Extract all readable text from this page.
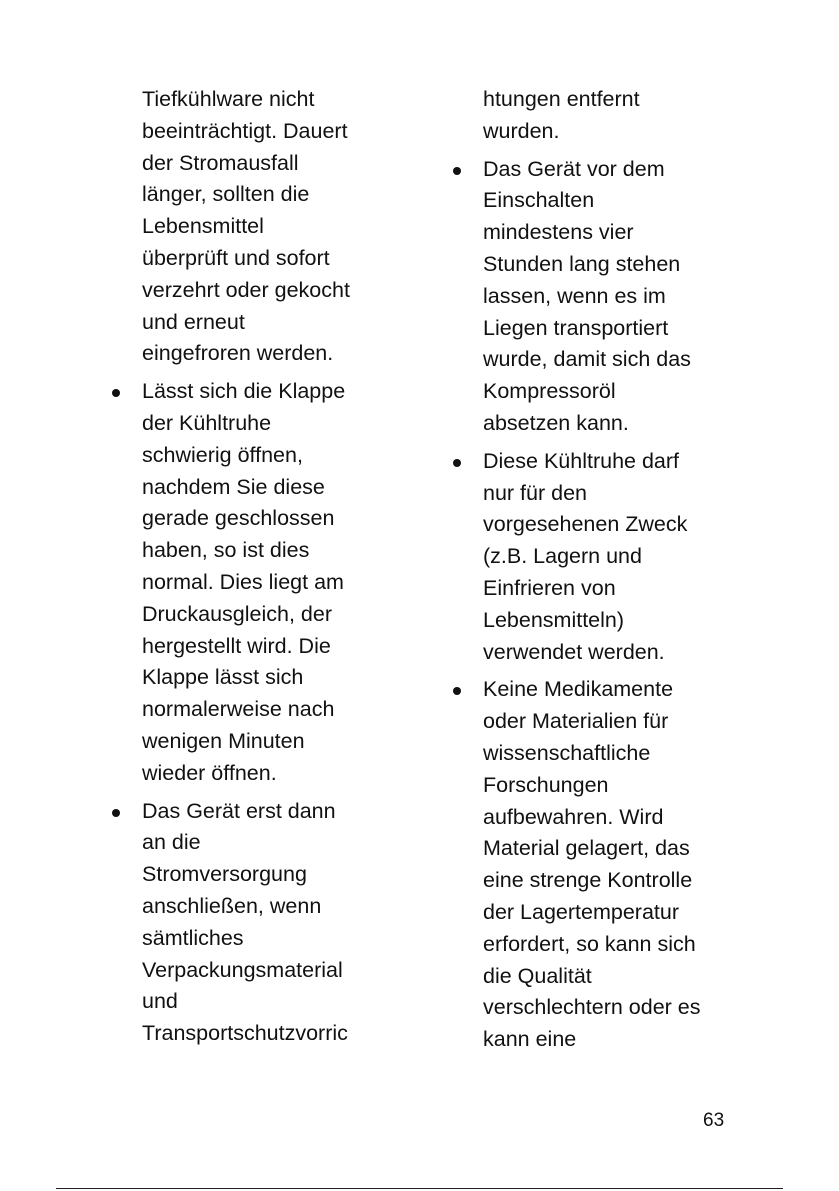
Tiefkühlware nicht
beeinträchtigt. Dauert
der Stromausfall
länger, sollten die
Lebensmittel
überprüft und sofort
verzehrt oder gekocht
und erneut
eingefroren werden.
Lässt sich die Klappe
der Kühltruhe
schwierig öffnen,
nachdem Sie diese
gerade geschlossen
haben, so ist dies
normal. Dies liegt am
Druckausgleich, der
hergestellt wird. Die
Klappe lässt sich
normalerweise nach
wenigen Minuten
wieder öffnen.
Das Gerät erst dann
an die
Stromversorgung
anschließen, wenn
sämtliches
Verpackungsmaterial
und
Transportschutzvorric
htungen entfernt
wurden.
Das Gerät vor dem
Einschalten
mindestens vier
Stunden lang stehen
lassen, wenn es im
Liegen transportiert
wurde, damit sich das
Kompressoröl
absetzen kann.
Diese Kühltruhe darf
nur für den
vorgesehenen Zweck
(z.B. Lagern und
Einfrieren von
Lebensmitteln)
verwendet werden.
Keine Medikamente
oder Materialien für
wissenschaftliche
Forschungen
aufbewahren. Wird
Material gelagert, das
eine strenge Kontrolle
der Lagertemperatur
erfordert, so kann sich
die Qualität
verschlechtern oder es
kann eine
63
